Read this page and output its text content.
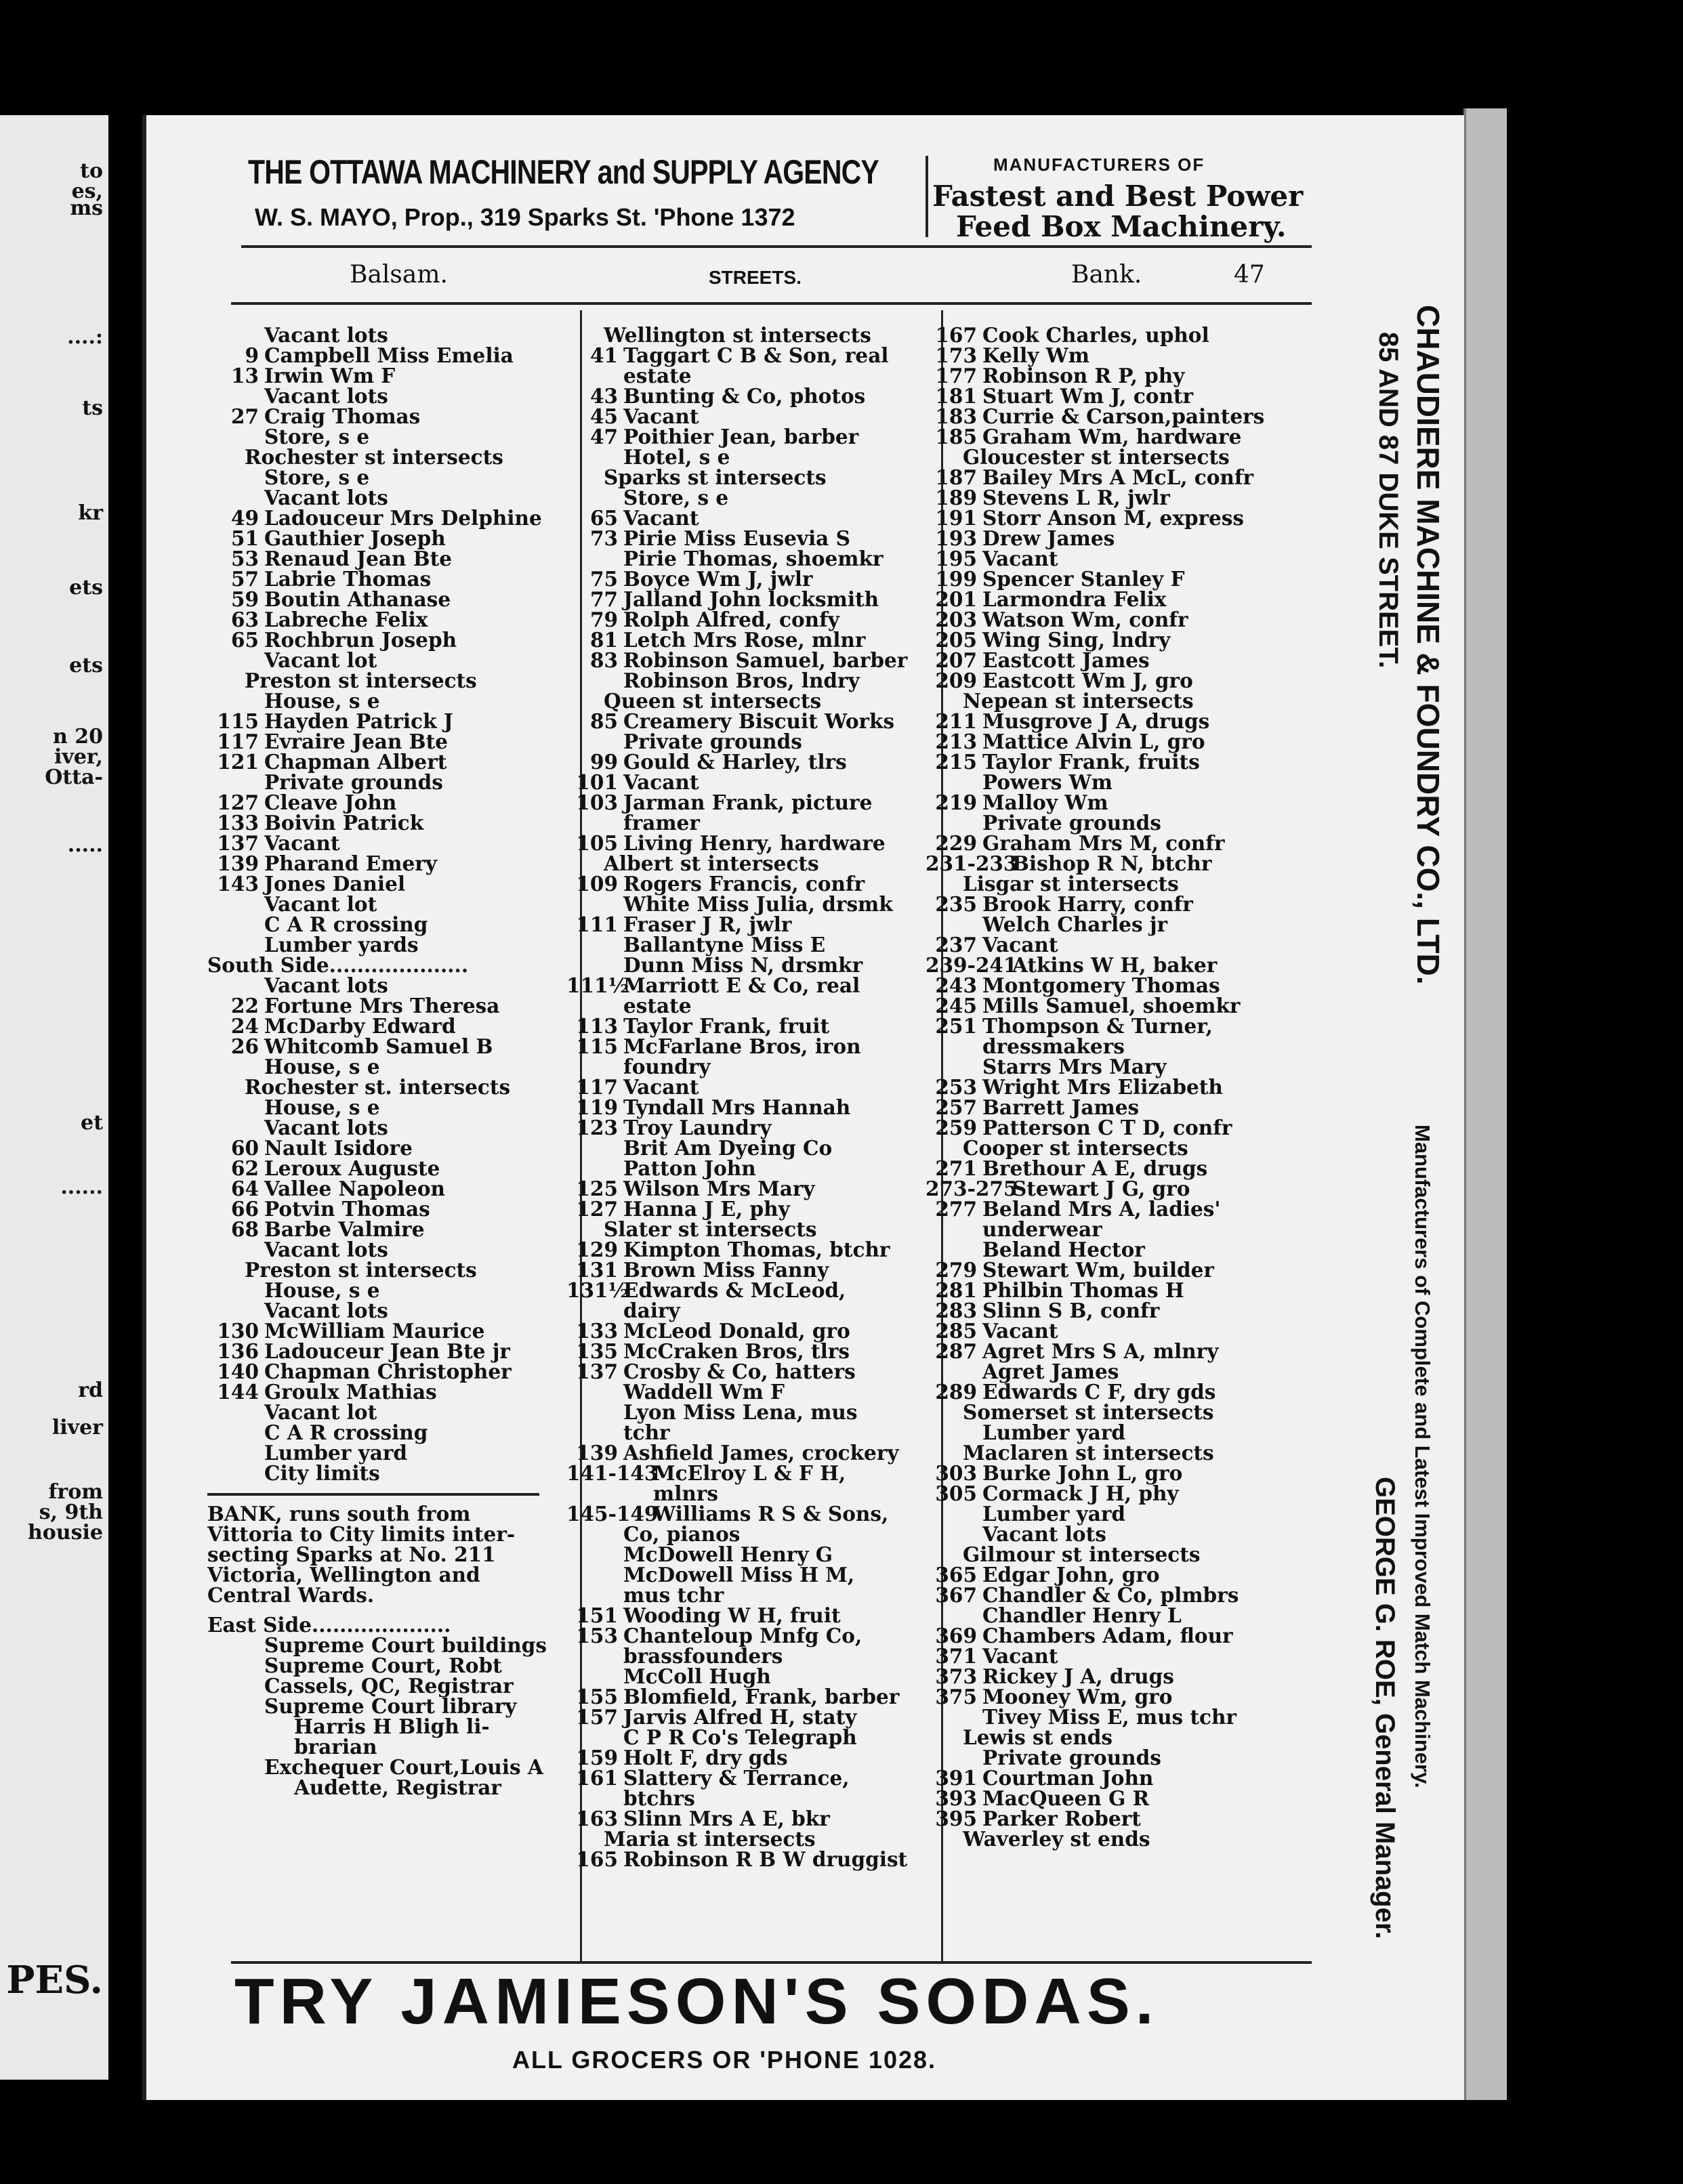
to
es,
ms
....:
ts
kr
ets
ets
n 20
iver,
Otta-
.....
et
......
rd
liver
from
s, 9th
housie
PES.
THE OTTAWA MACHINERY and SUPPLY AGENCY
W. S. MAYO, Prop., 319 Sparks St. 'Phone 1372
MANUFACTURERS OF
Fastest and Best Power
Feed Box Machinery.
Balsam.	STREETS.	Bank.	47
Vacant lots
9 Campbell Miss Emelia
13 Irwin Wm F
Vacant lots
27 Craig Thomas
Store, s e
Rochester st intersects
Store, s e
Vacant lots
49 Ladouceur Mrs Delphine
51 Gauthier Joseph
53 Renaud Jean Bte
57 Labrie Thomas
59 Boutin Athanase
63 Labreche Felix
65 Rochbrun Joseph
Vacant lot
Preston st intersects
House, s e
115 Hayden Patrick J
117 Evraire Jean Bte
121 Chapman Albert
Private grounds
127 Cleave John
133 Boivin Patrick
137 Vacant
139 Pharand Emery
143 Jones Daniel
Vacant lot
C A R crossing
Lumber yards
South Side....................
Vacant lots
22 Fortune Mrs Theresa
24 McDarby Edward
26 Whitcomb Samuel B
House, s e
Rochester st. intersects
House, s e
Vacant lots
60 Nault Isidore
62 Leroux Auguste
64 Vallee Napoleon
66 Potvin Thomas
68 Barbe Valmire
Vacant lots
Preston st intersects
House, s e
Vacant lots
130 McWilliam Maurice
136 Ladouceur Jean Bte jr
140 Chapman Christopher
144 Groulx Mathias
Vacant lot
C A R crossing
Lumber yard
City limits
BANK, runs south from
Vittoria to City limits inter-
secting Sparks at No. 211
Victoria, Wellington and
Central Wards.
East Side....................
Supreme Court buildings
Supreme Court, Robt
Cassels, QC, Registrar
Supreme Court library
Harris H Bligh li-
brarian
Exchequer Court,Louis A
Audette, Registrar
Wellington st intersects
41 Taggart C B & Son, real
estate
43 Bunting & Co, photos
45 Vacant
47 Poithier Jean, barber
Hotel, s e
Sparks st intersects
Store, s e
65 Vacant
73 Pirie Miss Eusevia S
Pirie Thomas, shoemkr
75 Boyce Wm J, jwlr
77 Jalland John locksmith
79 Rolph Alfred, confy
81 Letch Mrs Rose, mlnr
83 Robinson Samuel, barber
Robinson Bros, lndry
Queen st intersects
85 Creamery Biscuit Works
Private grounds
99 Gould & Harley, tlrs
101 Vacant
103 Jarman Frank, picture
framer
105 Living Henry, hardware
Albert st intersects
109 Rogers Francis, confr
White Miss Julia, drsmk
111 Fraser J R, jwlr
Ballantyne Miss E
Dunn Miss N, drsmkr
111½Marriott E & Co, real
estate
113 Taylor Frank, fruit
115 McFarlane Bros, iron
foundry
117 Vacant
119 Tyndall Mrs Hannah
123 Troy Laundry
Brit Am Dyeing Co
Patton John
125 Wilson Mrs Mary
127 Hanna J E, phy
Slater st intersects
129 Kimpton Thomas, btchr
131 Brown Miss Fanny
131½Edwards & McLeod,
dairy
133 McLeod Donald, gro
135 McCraken Bros, tlrs
137 Crosby & Co, hatters
Waddell Wm F
Lyon Miss Lena, mus
tchr
139 Ashfield James, crockery
141-143McElroy L & F H,
mlnrs
145-149Williams R S & Sons,
Co, pianos
McDowell Henry G
McDowell Miss H M,
mus tchr
151 Wooding W H, fruit
153 Chanteloup Mnfg Co,
brassfounders
McColl Hugh
155 Blomfield, Frank, barber
157 Jarvis Alfred H, staty
C P R Co's Telegraph
159 Holt F, dry gds
161 Slattery & Terrance,
btchrs
163 Slinn Mrs A E, bkr
Maria st intersects
165 Robinson R B W druggist
167 Cook Charles, uphol
173 Kelly Wm
177 Robinson R P, phy
181 Stuart Wm J, contr
183 Currie & Carson,painters
185 Graham Wm, hardware
Gloucester st intersects
187 Bailey Mrs A McL, confr
189 Stevens L R, jwlr
191 Storr Anson M, express
193 Drew James
195 Vacant
199 Spencer Stanley F
201 Larmondra Felix
203 Watson Wm, confr
205 Wing Sing, lndry
207 Eastcott James
209 Eastcott Wm J, gro
Nepean st intersects
211 Musgrove J A, drugs
213 Mattice Alvin L, gro
215 Taylor Frank, fruits
Powers Wm
219 Malloy Wm
Private grounds
229 Graham Mrs M, confr
231-233Bishop R N, btchr
Lisgar st intersects
235 Brook Harry, confr
Welch Charles jr
237 Vacant
239-241Atkins W H, baker
243 Montgomery Thomas
245 Mills Samuel, shoemkr
251 Thompson & Turner,
dressmakers
Starrs Mrs Mary
253 Wright Mrs Elizabeth
257 Barrett James
259 Patterson C T D, confr
Cooper st intersects
271 Brethour A E, drugs
273-275Stewart J G, gro
277 Beland Mrs A, ladies'
underwear
Beland Hector
279 Stewart Wm, builder
281 Philbin Thomas H
283 Slinn S B, confr
285 Vacant
287 Agret Mrs S A, mlnry
Agret James
289 Edwards C F, dry gds
Somerset st intersects
Lumber yard
Maclaren st intersects
303 Burke John L, gro
305 Cormack J H, phy
Lumber yard
Vacant lots
Gilmour st intersects
365 Edgar John, gro
367 Chandler & Co, plmbrs
Chandler Henry L
369 Chambers Adam, flour
371 Vacant
373 Rickey J A, drugs
375 Mooney Wm, gro
Tivey Miss E, mus tchr
Lewis st ends
Private grounds
391 Courtman John
393 MacQueen G R
395 Parker Robert
Waverley st ends
CHAUDIERE MACHINE & FOUNDRY CO., LTD.
85 AND 87 DUKE STREET.
Manufacturers of Complete and Latest Improved Match Machinery.
GEORGE G. ROE, General Manager.
TRY JAMIESON'S SODAS.
ALL GROCERS OR 'PHONE 1028.
